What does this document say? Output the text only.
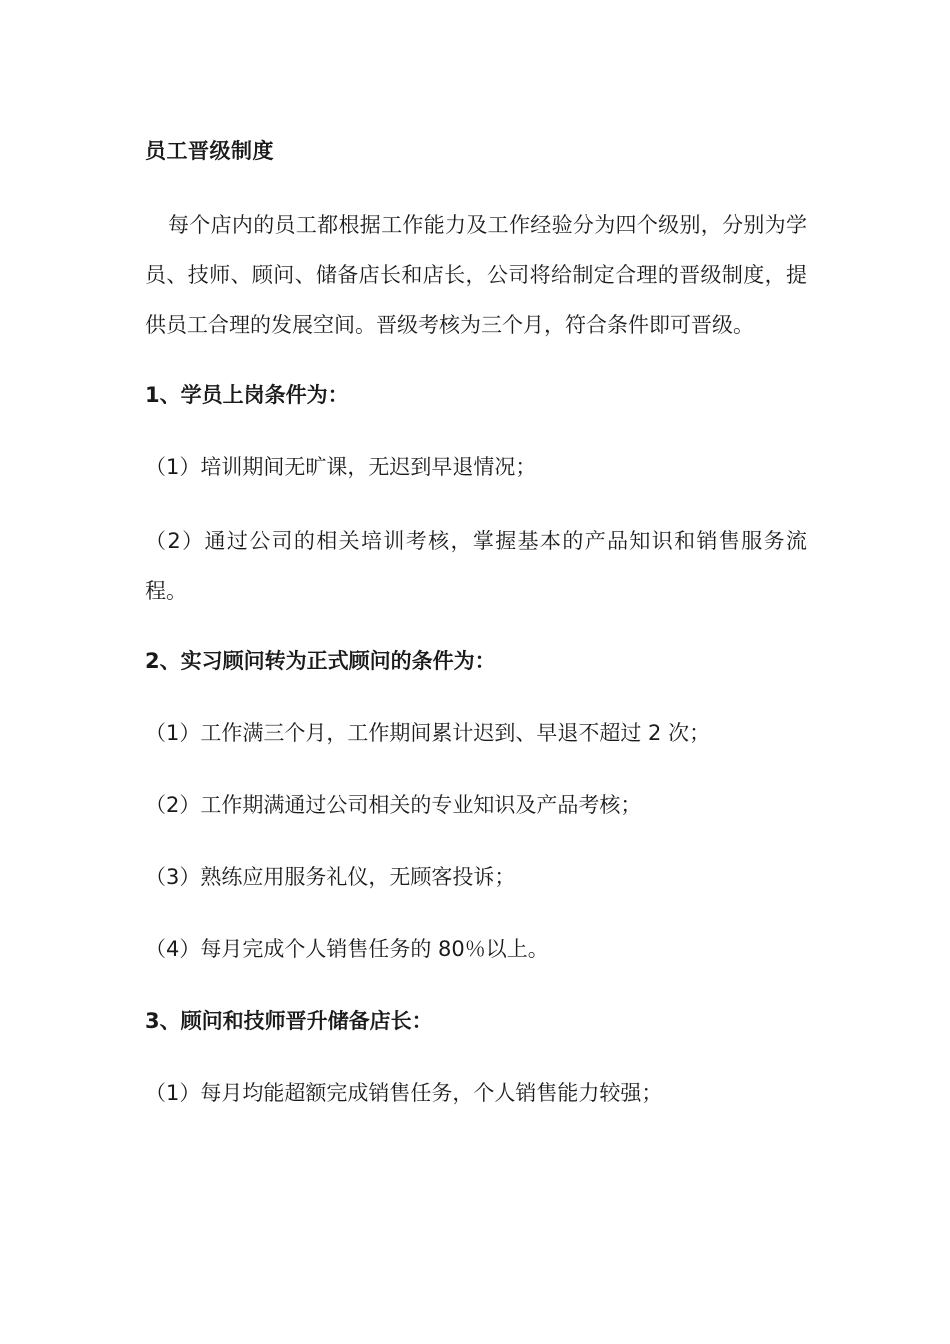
员工晋级制度
每个店内的员工都根据工作能力及工作经验分为四个级别，分别为学员、技师、顾问、储备店长和店长，公司将给制定合理的晋级制度，提供员工合理的发展空间。晋级考核为三个月，符合条件即可晋级。
1、学员上岗条件为：
（1）培训期间无旷课，无迟到早退情况；
（2）通过公司的相关培训考核，掌握基本的产品知识和销售服务流程。
2、实习顾问转为正式顾问的条件为：
（1）工作满三个月，工作期间累计迟到、早退不超过 2 次；
（2）工作期满通过公司相关的专业知识及产品考核；
（3）熟练应用服务礼仪，无顾客投诉；
（4）每月完成个人销售任务的 80％以上。
3、顾问和技师晋升储备店长：
（1）每月均能超额完成销售任务，个人销售能力较强；
